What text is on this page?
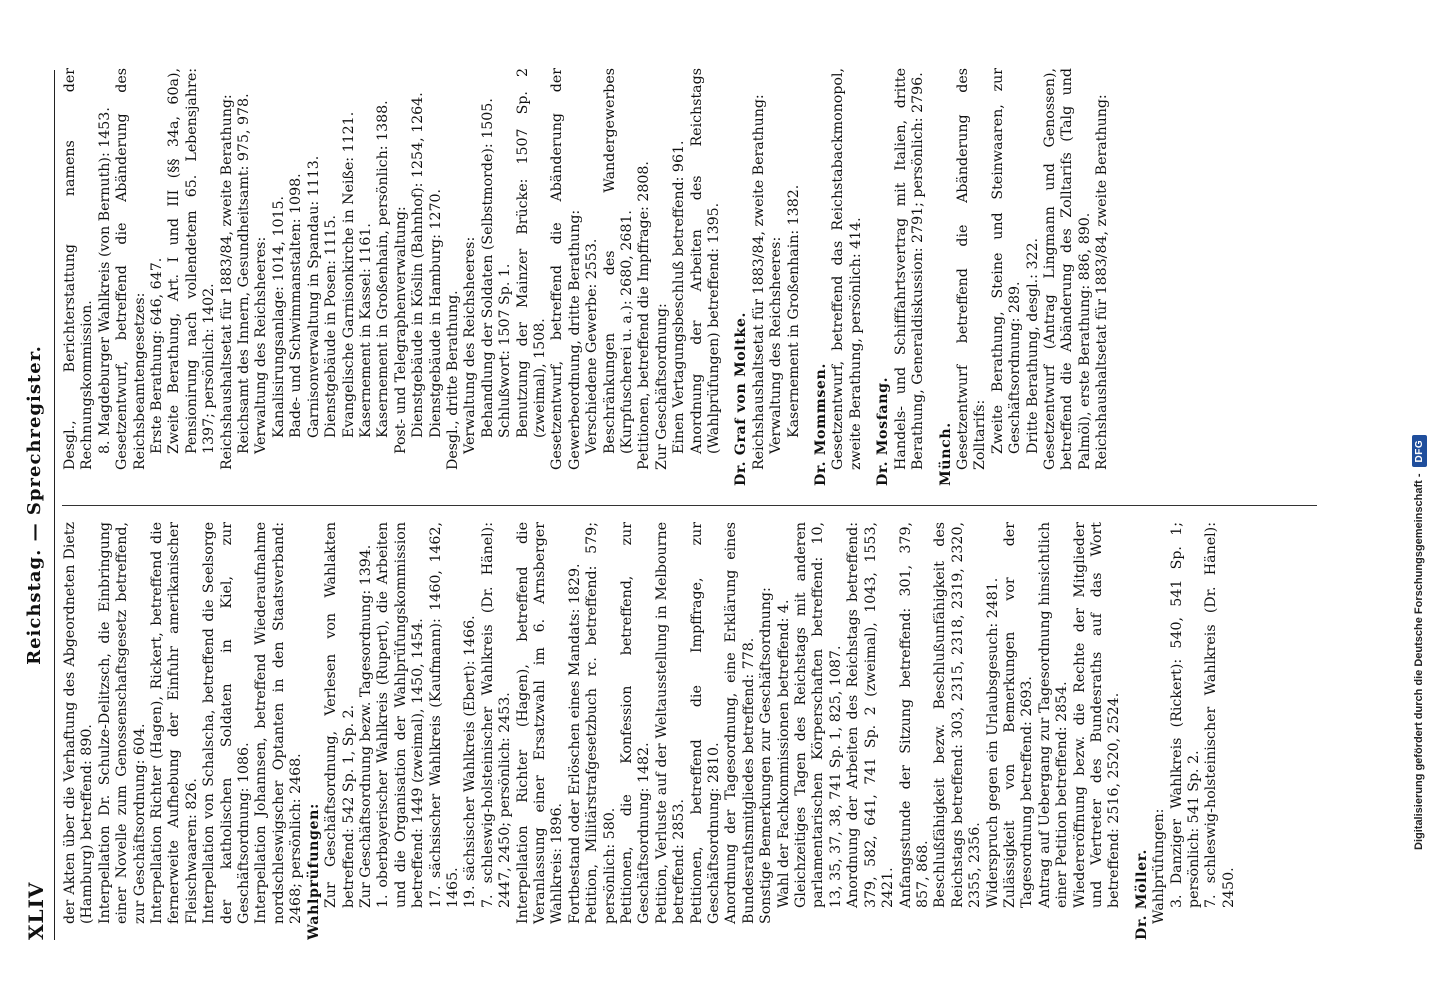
XLIV
Reichstag. — Sprechregister.
der Akten über die Verhaftung des Abgeordneten Dietz (Hamburg) betreffend: 890. Interpellation Dr. Schulze-Delitzsch, die Einbringung einer Novelle zum Genossenschaftsgesetz betreffend, zur Geschäftsordnung: 604. Interpellation Richter (Hagen), Rickert, betreffend die fernerweite Aufhebung der Einfuhr amerikanischer Fleischwaaren: 826. Interpellation von Schalscha, betreffend die Seelsorge der katholischen Soldaten in Kiel, zur Geschäftsordnung: 1086. Interpellation Johannsen, betreffend Wiederaufnahme nordschleswigscher Optanten in den Staatsverband: 2468; persönlich: 2468. Wahlprüfungen: Zur Geschäftsordnung, Verlesen von Wahlakten betreffend: 542 Sp. 1, Sp. 2. Zur Geschäftsordnung bezw. Tagesordnung: 1394. 1. oberbayerischer Wahlkreis (Rupert), die Arbeiten und die Organisation der Wahlprüfungskommission betreffend: 1449 (zweimal), 1450, 1454. 17. sächsischer Wahlkreis (Kaufmann): 1460, 1462, 1465. 19. sächsischer Wahlkreis (Ebert): 1466. 7. schleswig-holsteinischer Wahlkreis (Dr. Hänel): 2447, 2450; persönlich: 2453. Interpellation Richter (Hagen), betreffend die Veranlassung einer Ersatzwahl im 6. Arnsberger Wahlkreis: 1896. Fortbestand oder Erlöschen eines Mandats: 1829. Petition, Militärstrafgesetzbuch rc. betreffend: 579; persönlich: 580. Petitionen, die Konfession betreffend, zur Geschäftsordnung: 1482. Petition, Verluste auf der Weltausstellung in Melbourne betreffend: 2853. Petitionen, betreffend die Impffrage, zur Geschäftsordnung: 2810. Anordnung der Tagesordnung, eine Erklärung eines Bundesrathsmitgliedes betreffend: 778. Sonstige Bemerkungen zur Geschäftsordnung: Wahl der Fachkommissionen betreffend: 4. Gleichzeitiges Tagen des Reichstags mit anderen parlamentarischen Körperschaften betreffend: 10, 13, 35, 37, 38, 741 Sp. 1, 825, 1087. Anordnung der Arbeiten des Reichstags betreffend: 379, 582, 641, 741 Sp. 2 (zweimal), 1043, 1553, 2421. Anfangsstunde der Sitzung betreffend: 301, 379, 857, 868. Beschlußfähigkeit bezw. Beschlußunfähigkeit des Reichstags betreffend: 303, 2315, 2318, 2319, 2320, 2355, 2356. Widerspruch gegen ein Urlaubsgesuch: 2481. Zulässigkeit von Bemerkungen vor der Tagesordnung betreffend: 2693. Antrag auf Uebergang zur Tagesordnung hinsichtlich einer Petition betreffend: 2854. Wiedereröffnung bezw. die Rechte der Mitglieder und Vertreter des Bundesraths auf das Wort betreffend: 2516, 2520, 2524. Dr. Möller. Wahlprüfungen: 3. Danziger Wahlkreis (Rickert): 540, 541 Sp. 1; persönlich: 541 Sp. 2. 7. schleswig-holsteinischer Wahlkreis (Dr. Hänel): 2450.
Desgl., Berichterstattung namens der Rechnungskommission. 8. Magdeburger Wahlkreis (von Bernuth): 1453. Gesetzentwurf, betreffend die Abänderung des Reichsbeamtengesetzes: Erste Berathung: 646, 647. Zweite Berathung, Art. I und III (§§ 34a, 60a), Pensionirung nach vollendetem 65. Lebensjahre: 1397; persönlich: 1402. Reichshaushaltsetat für 1883/84, zweite Berathung: Reichsamt des Innern, Gesundheitsamt: 975, 978. Verwaltung des Reichsheeres: Kanalisirungsanlage: 1014, 1015. Bade- und Schwimmanstalten: 1098. Garnisonverwaltung in Spandau: 1113. Dienstgebäude in Posen: 1115. Evangelische Garnisonkirche in Neiße: 1121. Kasernement in Kassel: 1161. Kasernement in Großenhain, persönlich: 1388. Post- und Telegraphenverwaltung: Dienstgebäude in Köslin (Bahnhof): 1254, 1264. Dienstgebäude in Hamburg: 1270. Desgl., dritte Berathung. Verwaltung des Reichsheeres: Behandlung der Soldaten (Selbstmorde): 1505. Schlußwort: 1507 Sp. 1. Benutzung der Mainzer Brücke: 1507 Sp. 2 (zweimal), 1508. Gesetzentwurf, betreffend die Abänderung der Gewerbeordnung, dritte Berathung: Verschiedene Gewerbe: 2553. Beschränkungen des Wandergewerbes (Kurpfuscherei u. a.): 2680, 2681. Petitionen, betreffend die Impffrage: 2808. Zur Geschäftsordnung: Einen Vertagungsbeschluß betreffend: 961. Anordnung der Arbeiten des Reichstags (Wahlprüfungen) betreffend: 1395. Dr. Graf von Moltke. Reichshaushaltsetat für 1883/84, zweite Berathung: Verwaltung des Reichsheeres: Kasernement in Großenhain: 1382. Dr. Mommsen. Gesetzentwurf, betreffend das Reichstabackmonopol, zweite Berathung, persönlich: 414. Dr. Mosfang. Handels- und Schifffahrtsvertrag mit Italien, dritte Berathung, Generaldiskussion: 2791; persönlich: 2796. Münch. Gesetzentwurf betreffend die Abänderung des Zolltarifs: Zweite Berathung, Steine und Steinwaaren, zur Geschäftsordnung: 289. Dritte Berathung, desgl.: 322. Gesetzentwurf (Antrag Lingmann und Genossen), betreffend die Abänderung des Zolltarifs (Talg und Palmöl), erste Berathung: 886, 890. Reichshaushaltsetat für 1883/84, zweite Berathung:
Digitalisierung gefördert durch die Deutsche Forschungsgemeinschaft -
DFG
